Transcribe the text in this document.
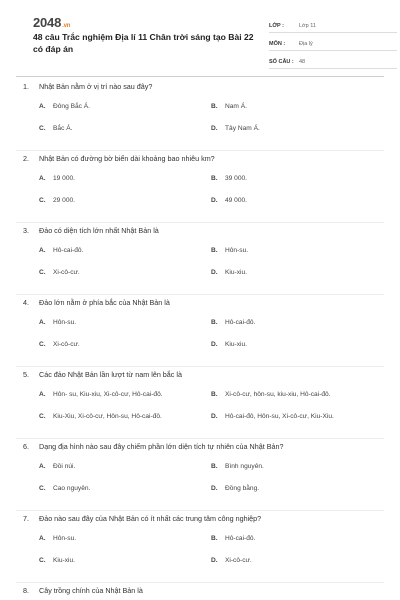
2048.vn
48 câu Trắc nghiệm Địa lí 11 Chân trời sáng tạo Bài 22 có đáp án
LỚP :	Lớp 11
MÔN :	Địa lý
SỐ CÂU : 48
1. Nhật Bản nằm ở vị trí nào sau đây?
A. Đông Bắc Á.	B. Nam Á.
C. Bắc Á.	D. Tây Nam Á.
2. Nhật Bản có đường bờ biển dài khoảng bao nhiêu km?
A. 19 000.	B. 39 000.
C. 29 000.	D. 49 000.
3. Đảo có diện tích lớn nhất Nhật Bản là
A. Hô-cai-đô.	B. Hôn-su.
C. Xi-cô-cư.	D. Kiu-xiu.
4. Đảo lớn nằm ở phía bắc của Nhật Bản là
A. Hôn-su.	B. Hô-cai-đô.
C. Xi-cô-cư.	D. Kiu-xiu.
5. Các đảo Nhật Bản lần lượt từ nam lên bắc là
A. Hôn- su, Kiu-xiu, Xi-cô-cư, Hô-cai-đô.	B. Xi-cô-cư, hôn-su, kiu-xiu, Hô-cai-đô.
C. Kiu-Xiu, Xi-cô-cư, Hôn-su, Hô-cai-đô.	D. Hô-cai-đô, Hôn-su, Xi-cô-cư, Kiu-Xiu.
6. Dạng địa hình nào sau đây chiếm phần lớn diện tích tự nhiên của Nhật Bản?
A. Đồi núi.	B. Bình nguyên.
C. Cao nguyên.	D. Đồng bằng.
7. Đảo nào sau đây của Nhật Bản có ít nhất các trung tâm công nghiệp?
A. Hôn-su.	B. Hô-cai-đô.
C. Kiu-xiu.	D. Xi-cô-cư.
8. Cây trồng chính của Nhật Bản là
